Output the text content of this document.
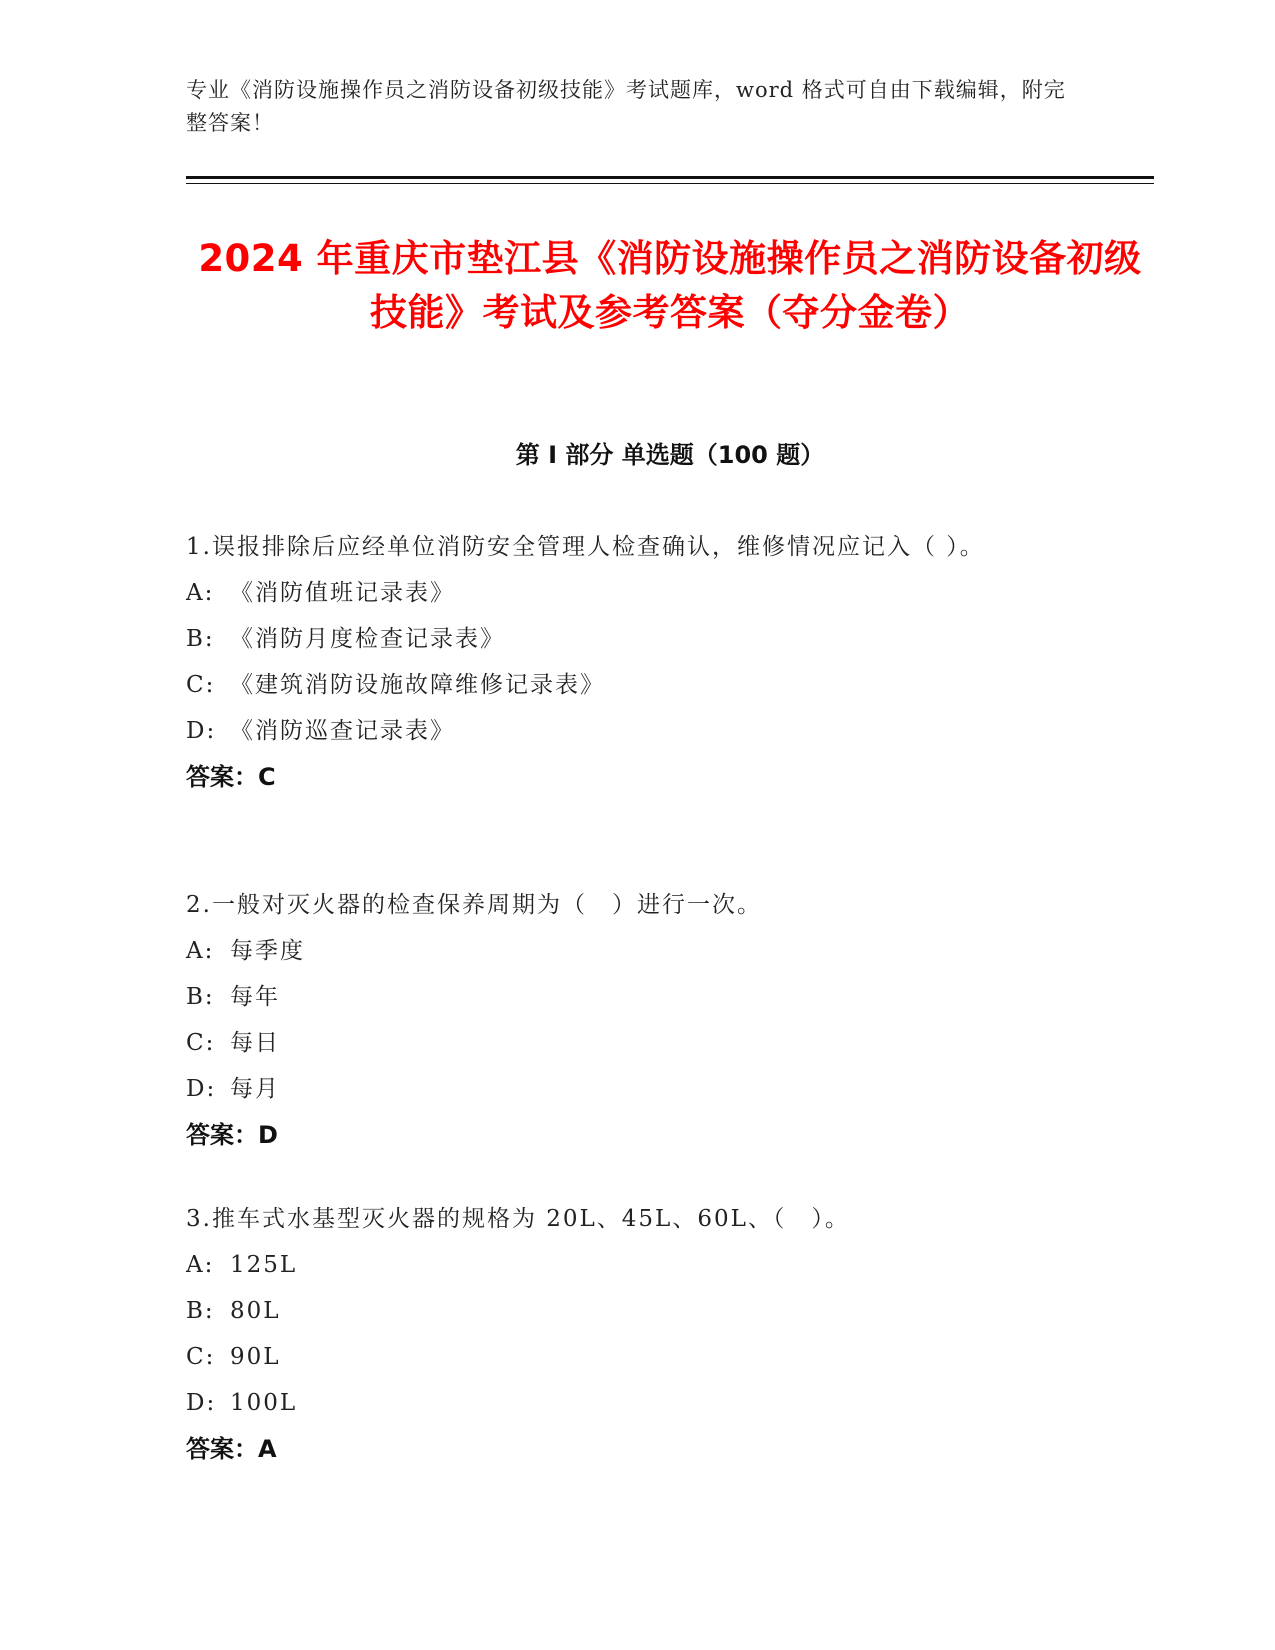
专业《消防设施操作员之消防设备初级技能》考试题库，word 格式可自由下载编辑，附完整答案！
2024 年重庆市垫江县《消防设施操作员之消防设备初级技能》考试及参考答案（夺分金卷）
第 I 部分 单选题（100 题）
1.误报排除后应经单位消防安全管理人检查确认，维修情况应记入（ ）。
A: 《消防值班记录表》
B: 《消防月度检查记录表》
C: 《建筑消防设施故障维修记录表》
D: 《消防巡查记录表》
答案：C
2.一般对灭火器的检查保养周期为（　）进行一次。
A: 每季度
B: 每年
C: 每日
D: 每月
答案：D
3.推车式水基型灭火器的规格为 20L、45L、60L、（　）。
A: 125L
B: 80L
C: 90L
D: 100L
答案：A
